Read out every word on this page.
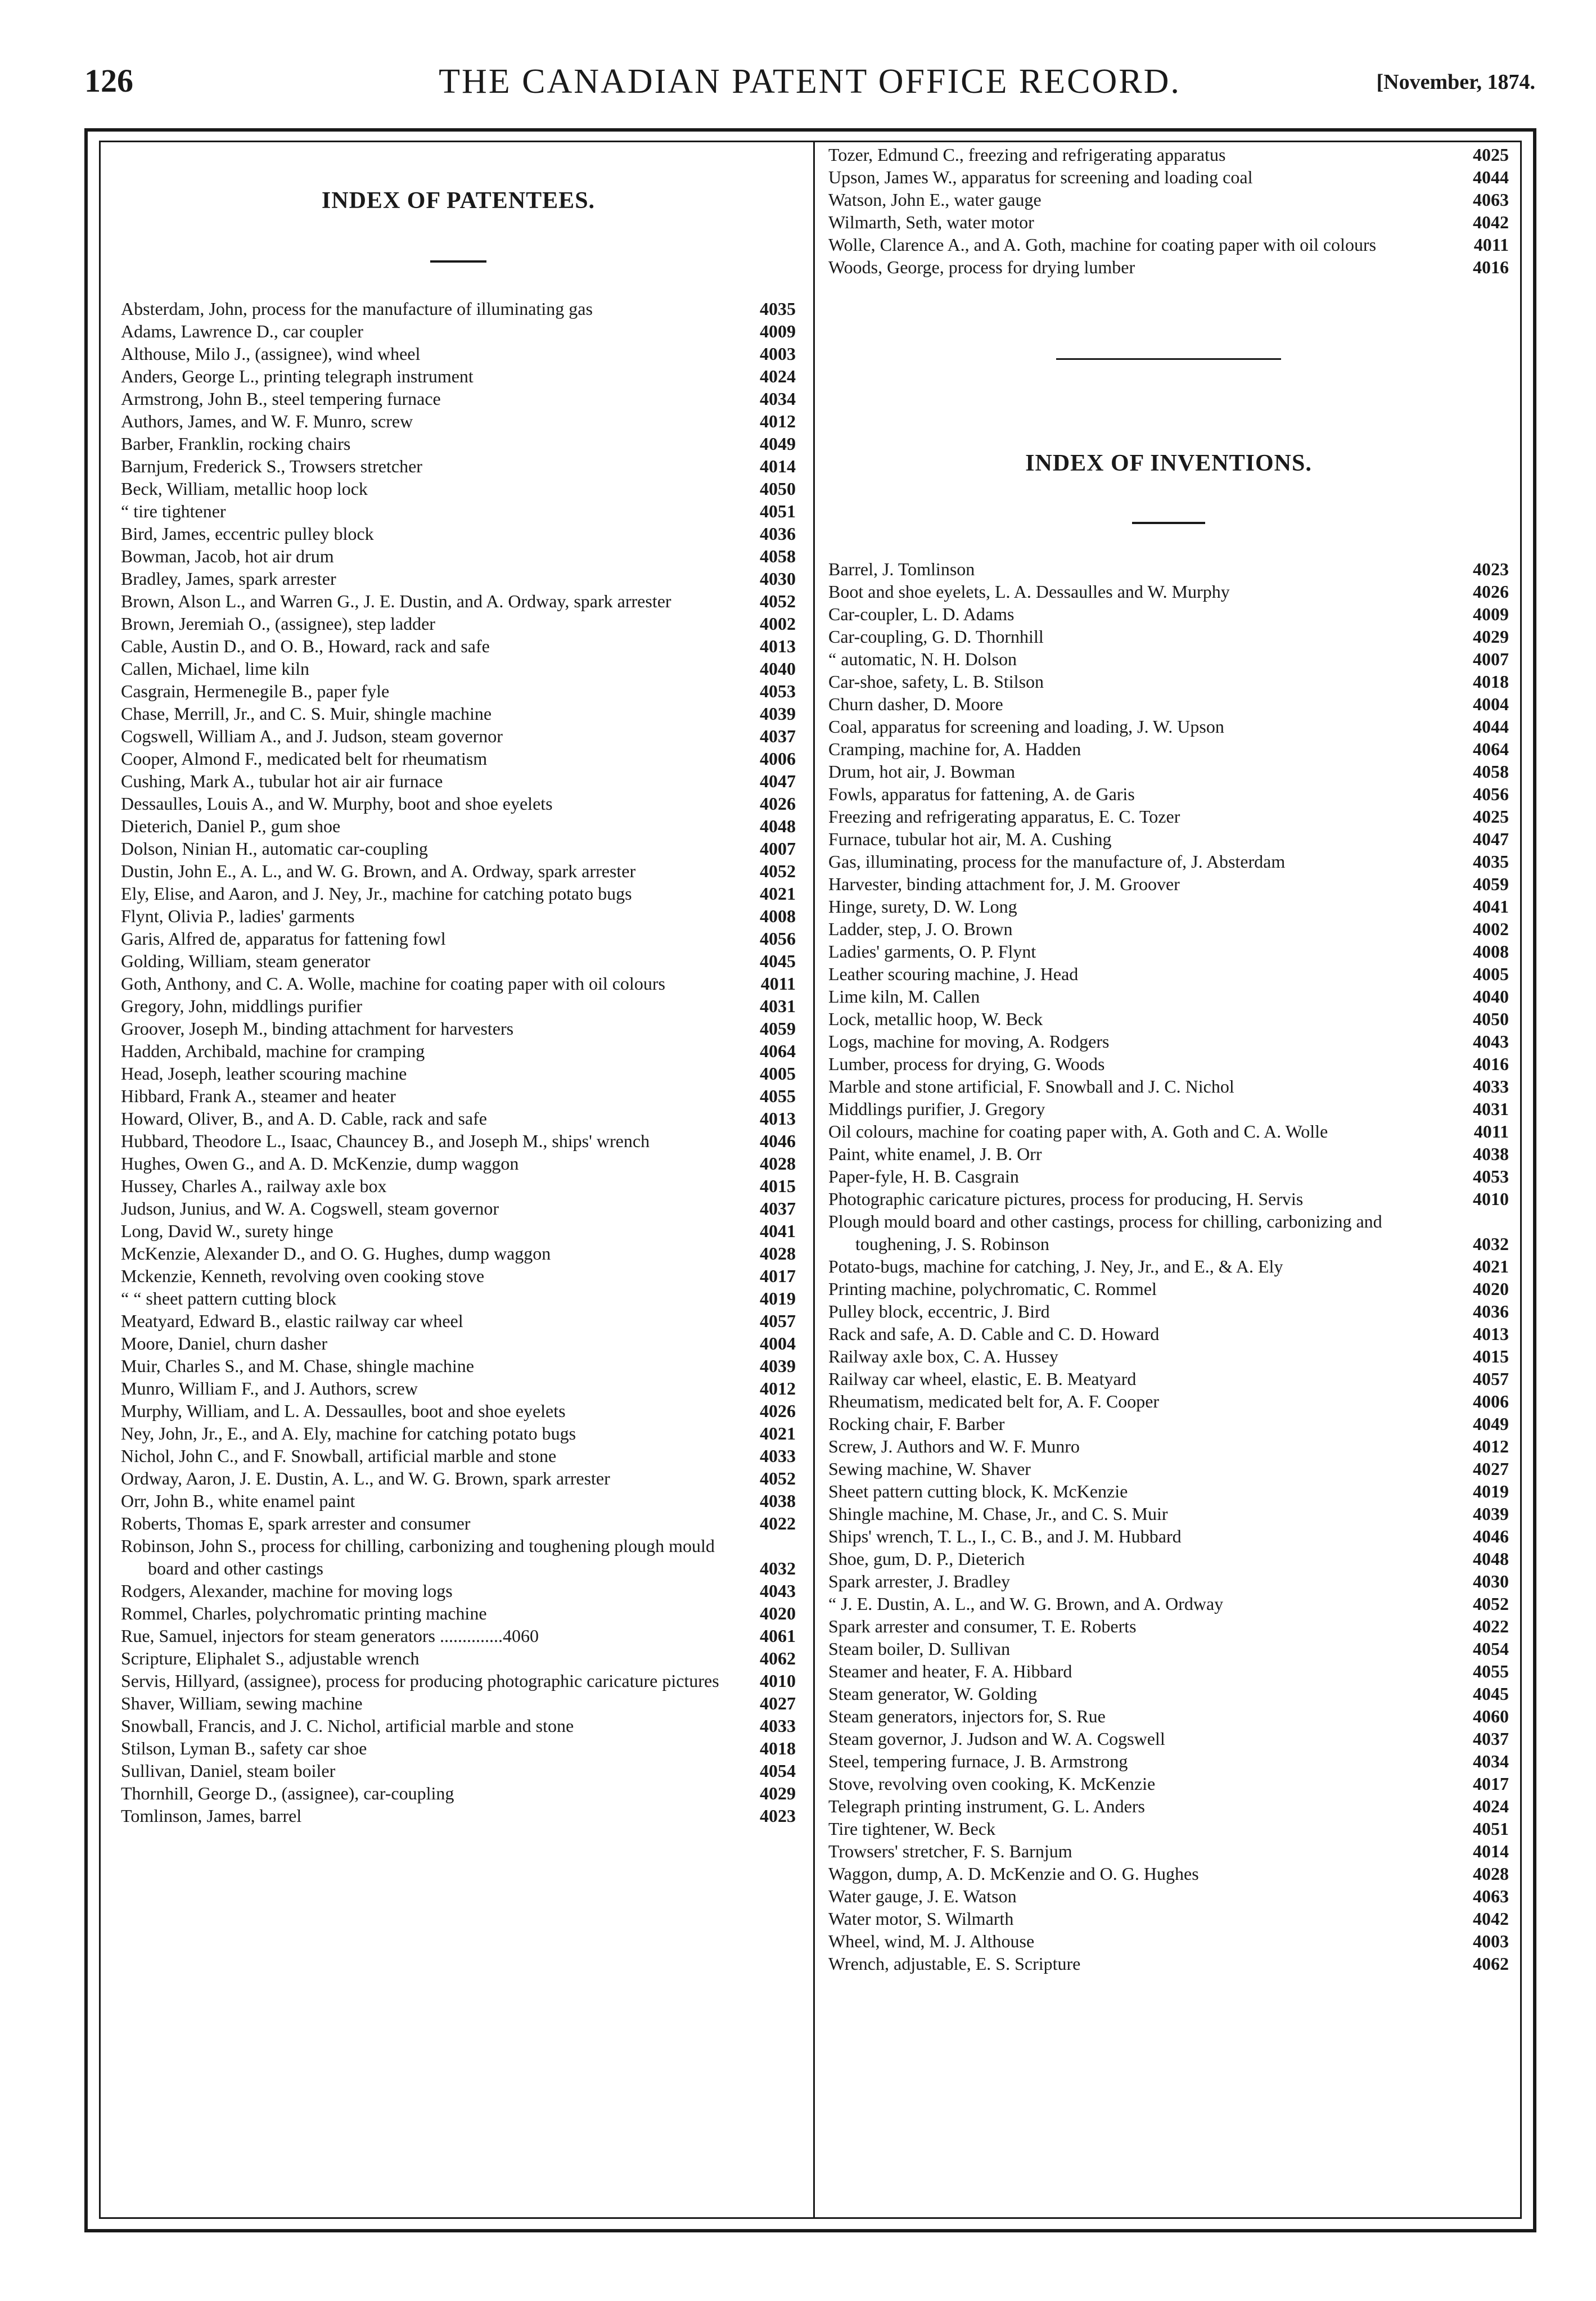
126	THE CANADIAN PATENT OFFICE RECORD.	[November, 1874.
INDEX OF PATENTEES.
Absterdam, John, process for the manufacture of illuminating gas	4035
Adams, Lawrence D., car coupler	4009
Althouse, Milo J., (assignee), wind wheel	4003
Anders, George L., printing telegraph instrument	4024
Armstrong, John B., steel tempering furnace	4034
Authors, James, and W. F. Munro, screw	4012
Barber, Franklin, rocking chairs	4049
Barnjum, Frederick S., Trowsers stretcher	4014
Beck, William, metallic hoop lock	4050
“ tire tightener	4051
Bird, James, eccentric pulley block	4036
Bowman, Jacob, hot air drum	4058
Bradley, James, spark arrester	4030
Brown, Alson L., and Warren G., J. E. Dustin, and A. Ordway, spark arrester	4052
Brown, Jeremiah O., (assignee), step ladder	4002
Cable, Austin D., and O. B., Howard, rack and safe	4013
Callen, Michael, lime kiln	4040
Casgrain, Hermenegile B., paper fyle	4053
Chase, Merrill, Jr., and C. S. Muir, shingle machine	4039
Cogswell, William A., and J. Judson, steam governor	4037
Cooper, Almond F., medicated belt for rheumatism	4006
Cushing, Mark A., tubular hot air air furnace	4047
Dessaulles, Louis A., and W. Murphy, boot and shoe eyelets	4026
Dieterich, Daniel P., gum shoe	4048
Dolson, Ninian H., automatic car-coupling	4007
Dustin, John E., A. L., and W. G. Brown, and A. Ordway, spark arrester	4052
Ely, Elise, and Aaron, and J. Ney, Jr., machine for catching potato bugs	4021
Flynt, Olivia P., ladies' garments	4008
Garis, Alfred de, apparatus for fattening fowl	4056
Golding, William, steam generator	4045
Goth, Anthony, and C. A. Wolle, machine for coating paper with oil colours	4011
Gregory, John, middlings purifier	4031
Groover, Joseph M., binding attachment for harvesters	4059
Hadden, Archibald, machine for cramping	4064
Head, Joseph, leather scouring machine	4005
Hibbard, Frank A., steamer and heater	4055
Howard, Oliver, B., and A. D. Cable, rack and safe	4013
Hubbard, Theodore L., Isaac, Chauncey B., and Joseph M., ships' wrench	4046
Hughes, Owen G., and A. D. McKenzie, dump waggon	4028
Hussey, Charles A., railway axle box	4015
Judson, Junius, and W. A. Cogswell, steam governor	4037
Long, David W., surety hinge	4041
McKenzie, Alexander D., and O. G. Hughes, dump waggon	4028
Mckenzie, Kenneth, revolving oven cooking stove	4017
“ “ sheet pattern cutting block	4019
Meatyard, Edward B., elastic railway car wheel	4057
Moore, Daniel, churn dasher	4004
Muir, Charles S., and M. Chase, shingle machine	4039
Munro, William F., and J. Authors, screw	4012
Murphy, William, and L. A. Dessaulles, boot and shoe eyelets	4026
Ney, John, Jr., E., and A. Ely, machine for catching potato bugs	4021
Nichol, John C., and F. Snowball, artificial marble and stone	4033
Ordway, Aaron, J. E. Dustin, A. L., and W. G. Brown, spark arrester	4052
Orr, John B., white enamel paint	4038
Roberts, Thomas E, spark arrester and consumer	4022
Robinson, John S., process for chilling, carbonizing and toughening plough mould board and other castings	4032
Rodgers, Alexander, machine for moving logs	4043
Rommel, Charles, polychromatic printing machine	4020
Rue, Samuel, injectors for steam generators ..............4060	4061
Scripture, Eliphalet S., adjustable wrench	4062
Servis, Hillyard, (assignee), process for producing photographic caricature pictures	4010
Shaver, William, sewing machine	4027
Snowball, Francis, and J. C. Nichol, artificial marble and stone	4033
Stilson, Lyman B., safety car shoe	4018
Sullivan, Daniel, steam boiler	4054
Thornhill, George D., (assignee), car-coupling	4029
Tomlinson, James, barrel	4023
Tozer, Edmund C., freezing and refrigerating apparatus	4025
Upson, James W., apparatus for screening and loading coal	4044
Watson, John E., water gauge	4063
Wilmarth, Seth, water motor	4042
Wolle, Clarence A., and A. Goth, machine for coating paper with oil colours	4011
Woods, George, process for drying lumber	4016
INDEX OF INVENTIONS.
Barrel, J. Tomlinson	4023
Boot and shoe eyelets, L. A. Dessaulles and W. Murphy	4026
Car-coupler, L. D. Adams	4009
Car-coupling, G. D. Thornhill	4029
“ automatic, N. H. Dolson	4007
Car-shoe, safety, L. B. Stilson	4018
Churn dasher, D. Moore	4004
Coal, apparatus for screening and loading, J. W. Upson	4044
Cramping, machine for, A. Hadden	4064
Drum, hot air, J. Bowman	4058
Fowls, apparatus for fattening, A. de Garis	4056
Freezing and refrigerating apparatus, E. C. Tozer	4025
Furnace, tubular hot air, M. A. Cushing	4047
Gas, illuminating, process for the manufacture of, J. Absterdam	4035
Harvester, binding attachment for, J. M. Groover	4059
Hinge, surety, D. W. Long	4041
Ladder, step, J. O. Brown	4002
Ladies' garments, O. P. Flynt	4008
Leather scouring machine, J. Head	4005
Lime kiln, M. Callen	4040
Lock, metallic hoop, W. Beck	4050
Logs, machine for moving, A. Rodgers	4043
Lumber, process for drying, G. Woods	4016
Marble and stone artificial, F. Snowball and J. C. Nichol	4033
Middlings purifier, J. Gregory	4031
Oil colours, machine for coating paper with, A. Goth and C. A. Wolle	4011
Paint, white enamel, J. B. Orr	4038
Paper-fyle, H. B. Casgrain	4053
Photographic caricature pictures, process for producing, H. Servis	4010
Plough mould board and other castings, process for chilling, carbonizing and toughening, J. S. Robinson	4032
Potato-bugs, machine for catching, J. Ney, Jr., and E., & A. Ely	4021
Printing machine, polychromatic, C. Rommel	4020
Pulley block, eccentric, J. Bird	4036
Rack and safe, A. D. Cable and C. D. Howard	4013
Railway axle box, C. A. Hussey	4015
Railway car wheel, elastic, E. B. Meatyard	4057
Rheumatism, medicated belt for, A. F. Cooper	4006
Rocking chair, F. Barber	4049
Screw, J. Authors and W. F. Munro	4012
Sewing machine, W. Shaver	4027
Sheet pattern cutting block, K. McKenzie	4019
Shingle machine, M. Chase, Jr., and C. S. Muir	4039
Ships' wrench, T. L., I., C. B., and J. M. Hubbard	4046
Shoe, gum, D. P., Dieterich	4048
Spark arrester, J. Bradley	4030
“ J. E. Dustin, A. L., and W. G. Brown, and A. Ordway	4052
Spark arrester and consumer, T. E. Roberts	4022
Steam boiler, D. Sullivan	4054
Steamer and heater, F. A. Hibbard	4055
Steam generator, W. Golding	4045
Steam generators, injectors for, S. Rue	4060
Steam governor, J. Judson and W. A. Cogswell	4037
Steel, tempering furnace, J. B. Armstrong	4034
Stove, revolving oven cooking, K. McKenzie	4017
Telegraph printing instrument, G. L. Anders	4024
Tire tightener, W. Beck	4051
Trowsers' stretcher, F. S. Barnjum	4014
Waggon, dump, A. D. McKenzie and O. G. Hughes	4028
Water gauge, J. E. Watson	4063
Water motor, S. Wilmarth	4042
Wheel, wind, M. J. Althouse	4003
Wrench, adjustable, E. S. Scripture	4062
